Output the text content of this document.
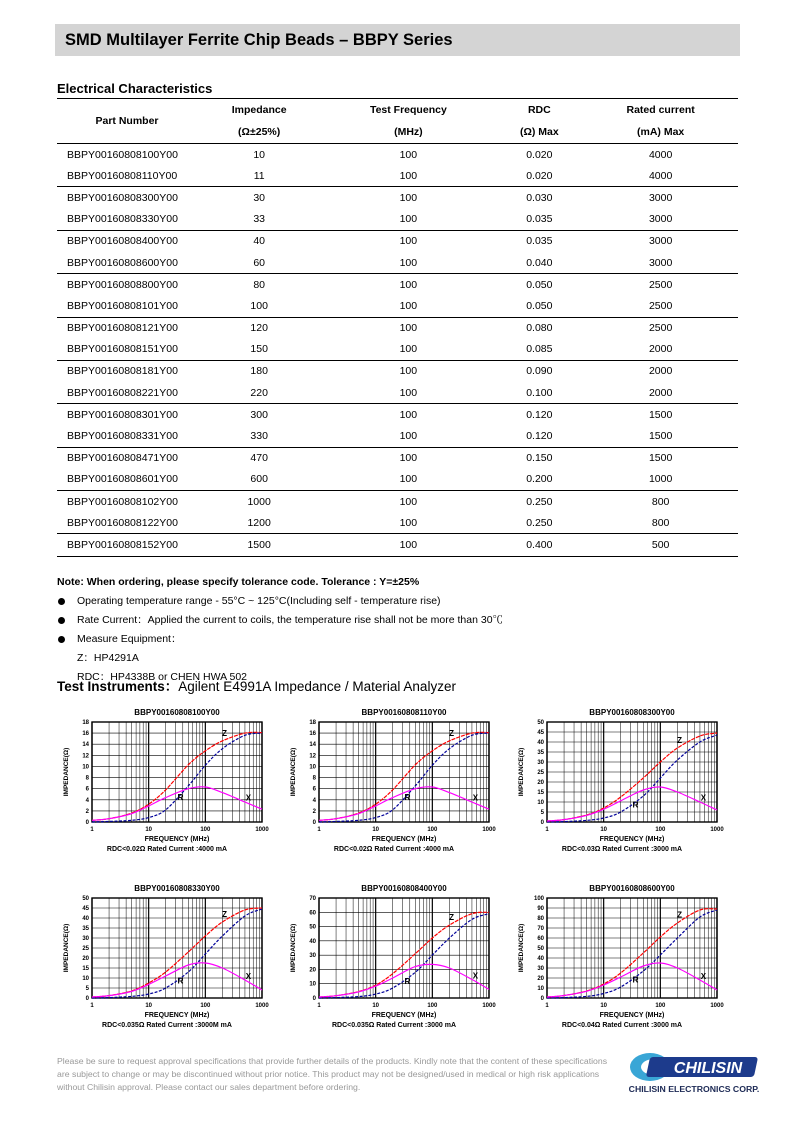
SMD Multilayer Ferrite Chip Beads – BBPY Series
Electrical Characteristics
Part Number	Impedance	Test Frequency	RDC	Rated current
	(Ω±25%)	(MHz)	(Ω) Max	(mA) Max
BBPY00160808100Y00	10	100	0.020	4000
BBPY00160808110Y00	11	100	0.020	4000
BBPY00160808300Y00	30	100	0.030	3000
BBPY00160808330Y00	33	100	0.035	3000
BBPY00160808400Y00	40	100	0.035	3000
BBPY00160808600Y00	60	100	0.040	3000
BBPY00160808800Y00	80	100	0.050	2500
BBPY00160808101Y00	100	100	0.050	2500
BBPY00160808121Y00	120	100	0.080	2500
BBPY00160808151Y00	150	100	0.085	2000
BBPY00160808181Y00	180	100	0.090	2000
BBPY00160808221Y00	220	100	0.100	2000
BBPY00160808301Y00	300	100	0.120	1500
BBPY00160808331Y00	330	100	0.120	1500
BBPY00160808471Y00	470	100	0.150	1500
BBPY00160808601Y00	600	100	0.200	1000
BBPY00160808102Y00	1000	100	0.250	800
BBPY00160808122Y00	1200	100	0.250	800
BBPY00160808152Y00	1500	100	0.400	500
Note: When ordering, please specify tolerance code. Tolerance : Y=±25%
Operating temperature range - 55°C ~ 125°C(Including self - temperature rise)
Rate Current：Applied the current to coils, the temperature rise shall not be more than 30℃
Measure Equipment：
Z：HP4291A
RDC：HP4338B or CHEN HWA 502
Test Instruments：Agilent E4991A Impedance / Material Analyzer
BBPY00160808100Y00
0
2
4
6
8
10
12
14
16
18
1	10	100	1000
Z
R	X
FREQUENCY (MHz)
IMPEDANCE(Ω)
RDC<0.02Ω Rated Current :4000 mA
BBPY00160808110Y00
0
2
4
6
8
10
12
14
16
18
1	10	100	1000
Z
R	X
FREQUENCY (MHz)
IMPEDANCE(Ω)
RDC<0.02Ω Rated Current :4000 mA
BBPY00160808300Y00
0
5
10
15
20
25
30
35
40
45
50
1	10	100	1000
Z
R
X
FREQUENCY (MHz)
IMPEDANCE(Ω)
RDC<0.03Ω Rated Current :3000 mA
BBPY00160808330Y00
0
5
10
15
20
25
30
35
40
45
50
1	10	100	1000
Z
R
X
FREQUENCY (MHz)
IMPEDANCE(Ω)
RDC<0.035Ω Rated Current :3000M mA
BBPY00160808400Y00
0
10
20
30
40
50
60
70
1	10	100	1000
Z
R
X
FREQUENCY (MHz)
IMPEDANCE(Ω)
RDC<0.035Ω Rated Current :3000 mA
BBPY00160808600Y00
0
10
20
30
40
50
60
70
80
90
100
1	10	100	1000
Z
R	X
FREQUENCY (MHz)
IMPEDANCE(Ω)
RDC<0.04Ω Rated Current :3000 mA
Please be sure to request approval specifications that provide further details of the products. Kindly note that the content of these specifications are subject to change or may be discontinued without prior notice. This product may not be designed/used in medical or high risk applications without Chilisin approval. Please contact our sales department before ordering.
CHILISIN
CHILISIN ELECTRONICS CORP.
